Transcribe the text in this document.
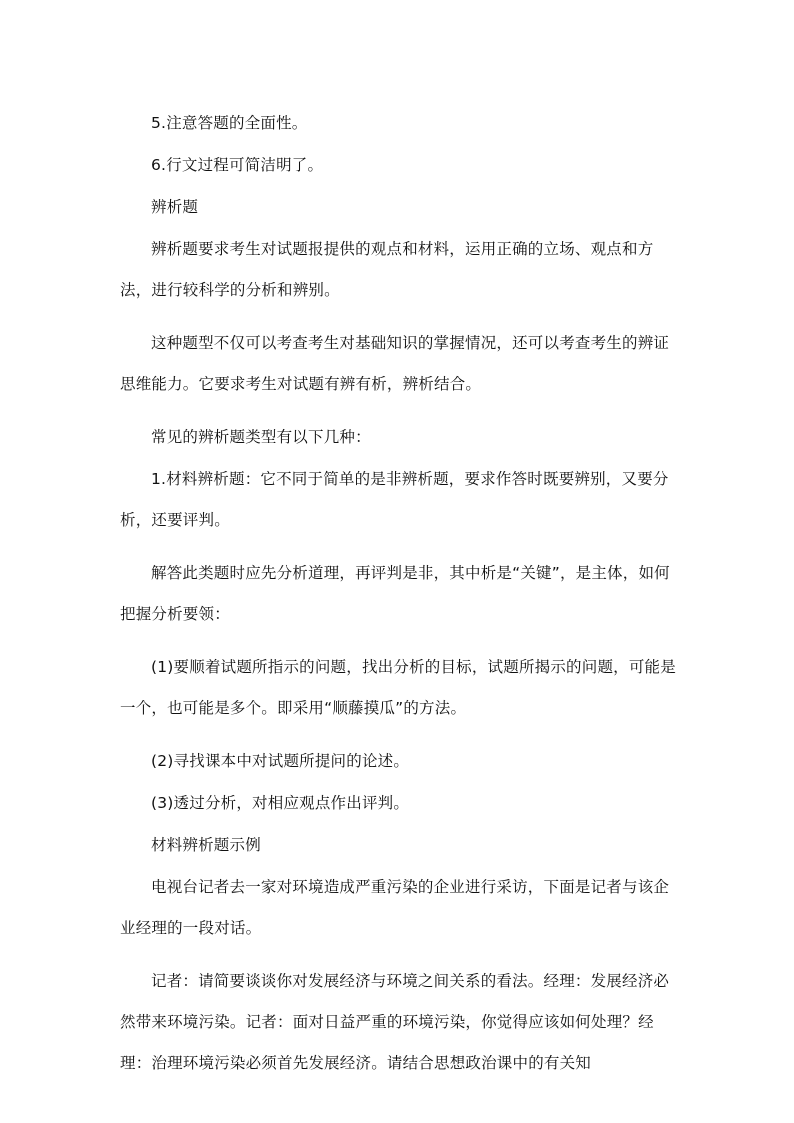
5.注意答题的全面性。

6.行文过程可简洁明了。

辨析题

辨析题要求考生对试题报提供的观点和材料，运用正确的立场、观点和方法，进行较科学的分析和辨别。

这种题型不仅可以考查考生对基础知识的掌握情况，还可以考查考生的辨证思维能力。它要求考生对试题有辨有析，辨析结合。

常见的辨析题类型有以下几种：

1.材料辨析题：它不同于简单的是非辨析题，要求作答时既要辨别，又要分析，还要评判。

解答此类题时应先分析道理，再评判是非，其中析是“关键”，是主体，如何把握分析要领：

(1)要顺着试题所指示的问题，找出分析的目标，试题所揭示的问题，可能是一个，也可能是多个。即采用“顺藤摸瓜”的方法。

(2)寻找课本中对试题所提问的论述。

(3)透过分析，对相应观点作出评判。

材料辨析题示例

电视台记者去一家对环境造成严重污染的企业进行采访，下面是记者与该企业经理的一段对话。

记者：请简要谈谈你对发展经济与环境之间关系的看法。经理：发展经济必然带来环境污染。记者：面对日益严重的环境污染，你觉得应该如何处理？经理：治理环境污染必须首先发展经济。请结合思想政治课中的有关知
